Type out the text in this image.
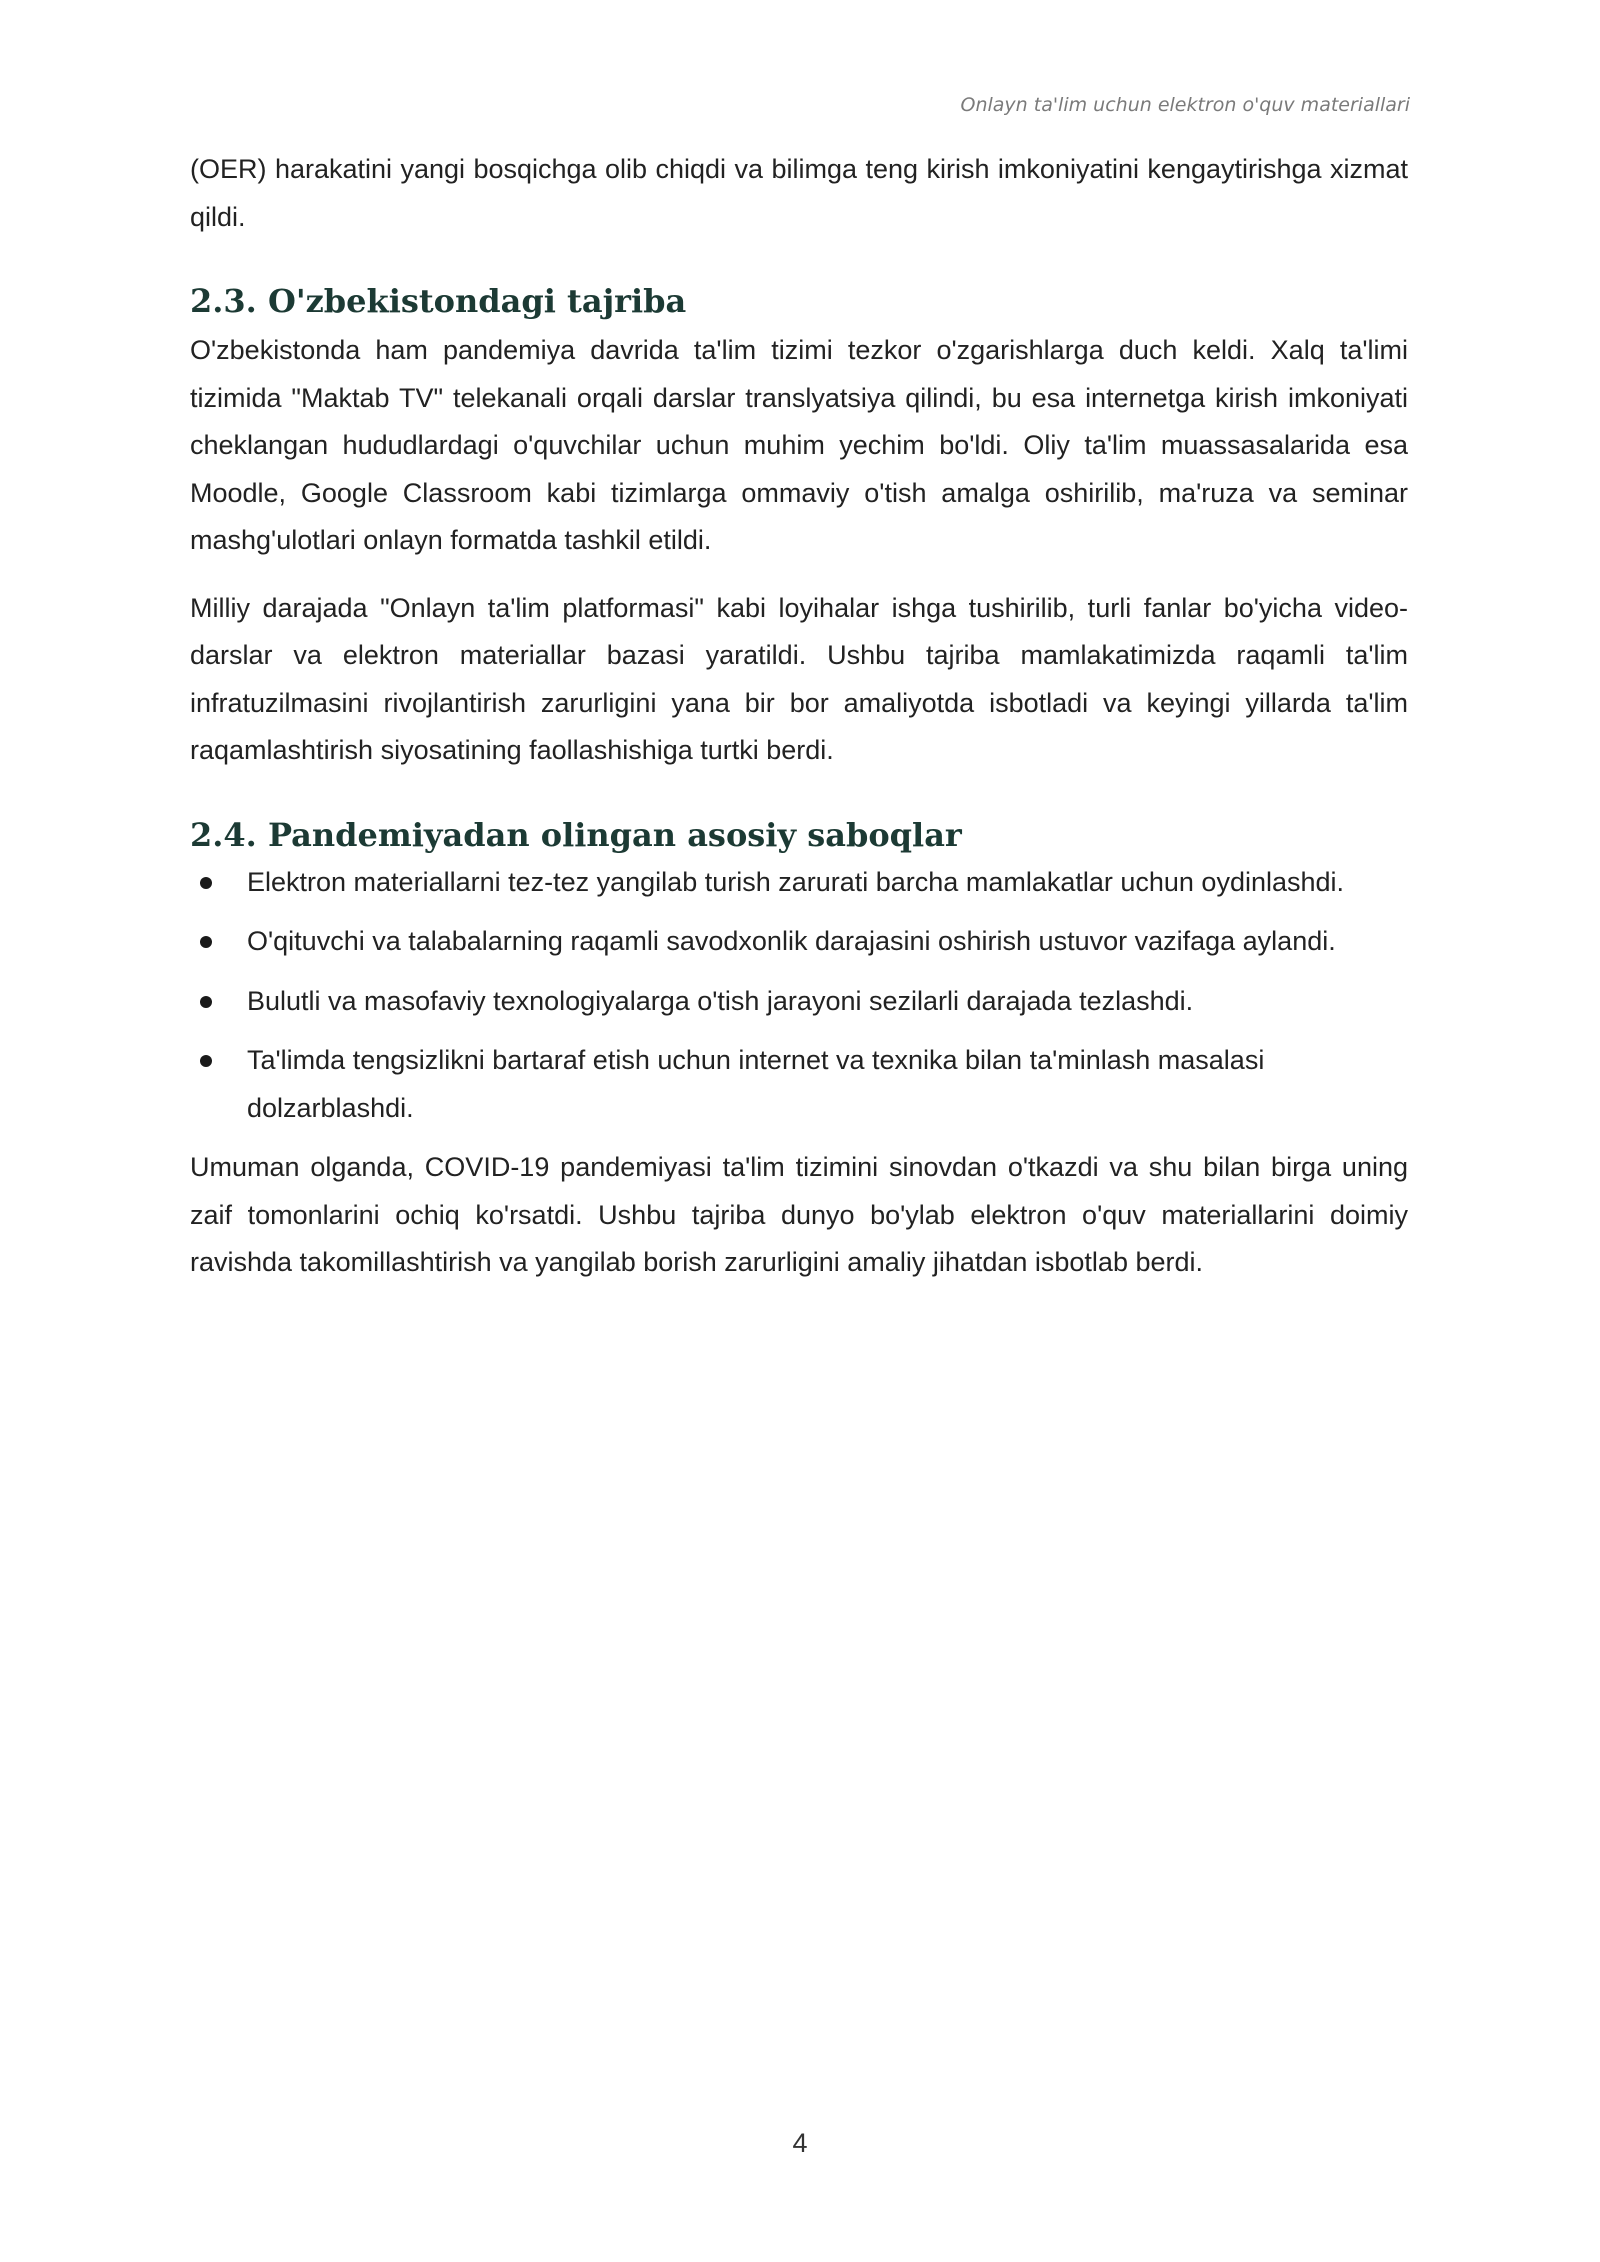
Onlayn ta'lim uchun elektron o'quv materiallari

(OER) harakatini yangi bosqichga olib chiqdi va bilimga teng kirish imkoniyatini kengaytirishga xizmat qildi.

2.3. O'zbekistondagi tajriba

O'zbekistonda ham pandemiya davrida ta'lim tizimi tezkor o'zgarishlarga duch keldi. Xalq ta'limi tizimida "Maktab TV" telekanali orqali darslar translyatsiya qilindi, bu esa internetga kirish imkoniyati cheklangan hududlardagi o'quvchilar uchun muhim yechim bo'ldi. Oliy ta'lim muassasalarida esa Moodle, Google Classroom kabi tizimlarga ommaviy o'tish amalga oshirilib, ma'ruza va seminar mashg'ulotlari onlayn formatda tashkil etildi.

Milliy darajada "Onlayn ta'lim platformasi" kabi loyihalar ishga tushirilib, turli fanlar bo'yicha video-darslar va elektron materiallar bazasi yaratildi. Ushbu tajriba mamlakatimizda raqamli ta'lim infratuzilmasini rivojlantirish zarurligini yana bir bor amaliyotda isbotladi va keyingi yillarda ta'lim raqamlashtirish siyosatining faollashishiga turtki berdi.

2.4. Pandemiyadan olingan asosiy saboqlar
Elektron materiallarni tez-tez yangilab turish zarurati barcha mamlakatlar uchun oydinlashdi.
O'qituvchi va talabalarning raqamli savodxonlik darajasini oshirish ustuvor vazifaga aylandi.
Bulutli va masofaviy texnologiyalarga o'tish jarayoni sezilarli darajada tezlashdi.
Ta'limda tengsizlikni bartaraf etish uchun internet va texnika bilan ta'minlash masalasi dolzarblashdi.

Umuman olganda, COVID-19 pandemiyasi ta'lim tizimini sinovdan o'tkazdi va shu bilan birga uning zaif tomonlarini ochiq ko'rsatdi. Ushbu tajriba dunyo bo'ylab elektron o'quv materiallarini doimiy ravishda takomillashtirish va yangilab borish zarurligini amaliy jihatdan isbotlab berdi.

4
